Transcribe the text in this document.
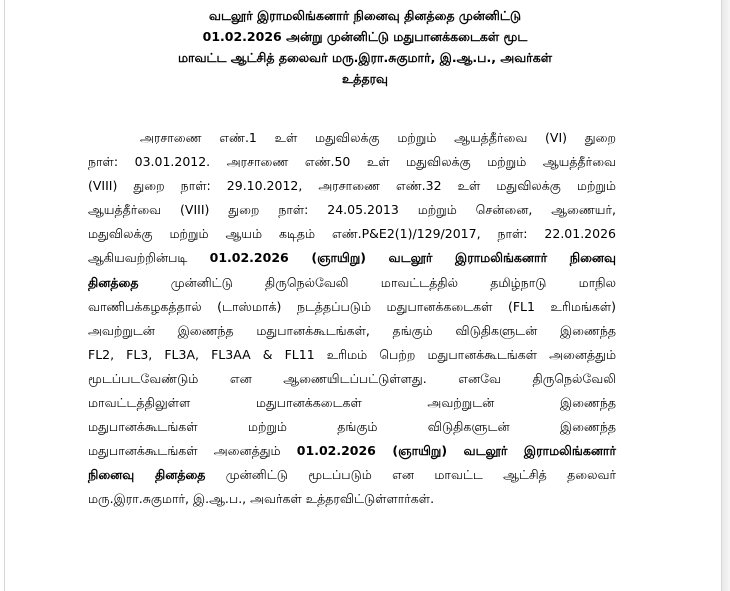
வடலூர் இராமலிங்கனார் நினைவு தினத்தை முன்னிட்டு
01.02.2026 அன்று முன்னிட்டு மதுபானக்கடைகள் மூட
மாவட்ட ஆட்சித் தலைவர் மரு.இரா.சுகுமார், இ.ஆ.ப., அவர்கள்
உத்தரவு
அரசாணை எண்.1 உள் மதுவிலக்கு மற்றும் ஆயத்தீர்வை (VI) துறை
நாள்: 03.01.2012. அரசாணை எண்.50 உள் மதுவிலக்கு மற்றும் ஆயத்தீர்வை
(VIII) துறை நாள்: 29.10.2012, அரசாணை எண்.32 உள் மதுவிலக்கு மற்றும்
ஆயத்தீர்வை (VIII) துறை நாள்: 24.05.2013 மற்றும் சென்னை, ஆணையர்,
மதுவிலக்கு மற்றும் ஆயம் கடிதம் எண்.P&E2(1)/129/2017, நாள்: 22.01.2026
ஆகியவற்றின்படி 01.02.2026 (ஞாயிறு) வடலூர் இராமலிங்கனார் நினைவு
தினத்தை முன்னிட்டு திருநெல்வேலி மாவட்டத்தில் தமிழ்நாடு மாநில
வாணிபக்கழகத்தால் (டாஸ்மாக்) நடத்தப்படும் மதுபானக்கடைகள் (FL1 உரிமங்கள்)
அவற்றுடன் இணைந்த மதுபானக்கூடங்கள், தங்கும் விடுதிகளுடன் இணைந்த
FL2, FL3, FL3A, FL3AA & FL11 உரிமம் பெற்ற மதுபானக்கூடங்கள் அனைத்தும்
மூடப்படவேண்டும் என ஆணையிடப்பட்டுள்ளது. எனவே திருநெல்வேலி
மாவட்டத்திலுள்ள மதுபானக்கடைகள் அவற்றுடன் இணைந்த
மதுபானக்கூடங்கள் மற்றும் தங்கும் விடுதிகளுடன் இணைந்த
மதுபானக்கூடங்கள் அனைத்தும் 01.02.2026 (ஞாயிறு) வடலூர் இராமலிங்கனார்
நினைவு தினத்தை முன்னிட்டு மூடப்படும் என மாவட்ட ஆட்சித் தலைவர்
மரு.இரா.சுகுமார், இ.ஆ.ப., அவர்கள் உத்தரவிட்டுள்ளார்கள்.
